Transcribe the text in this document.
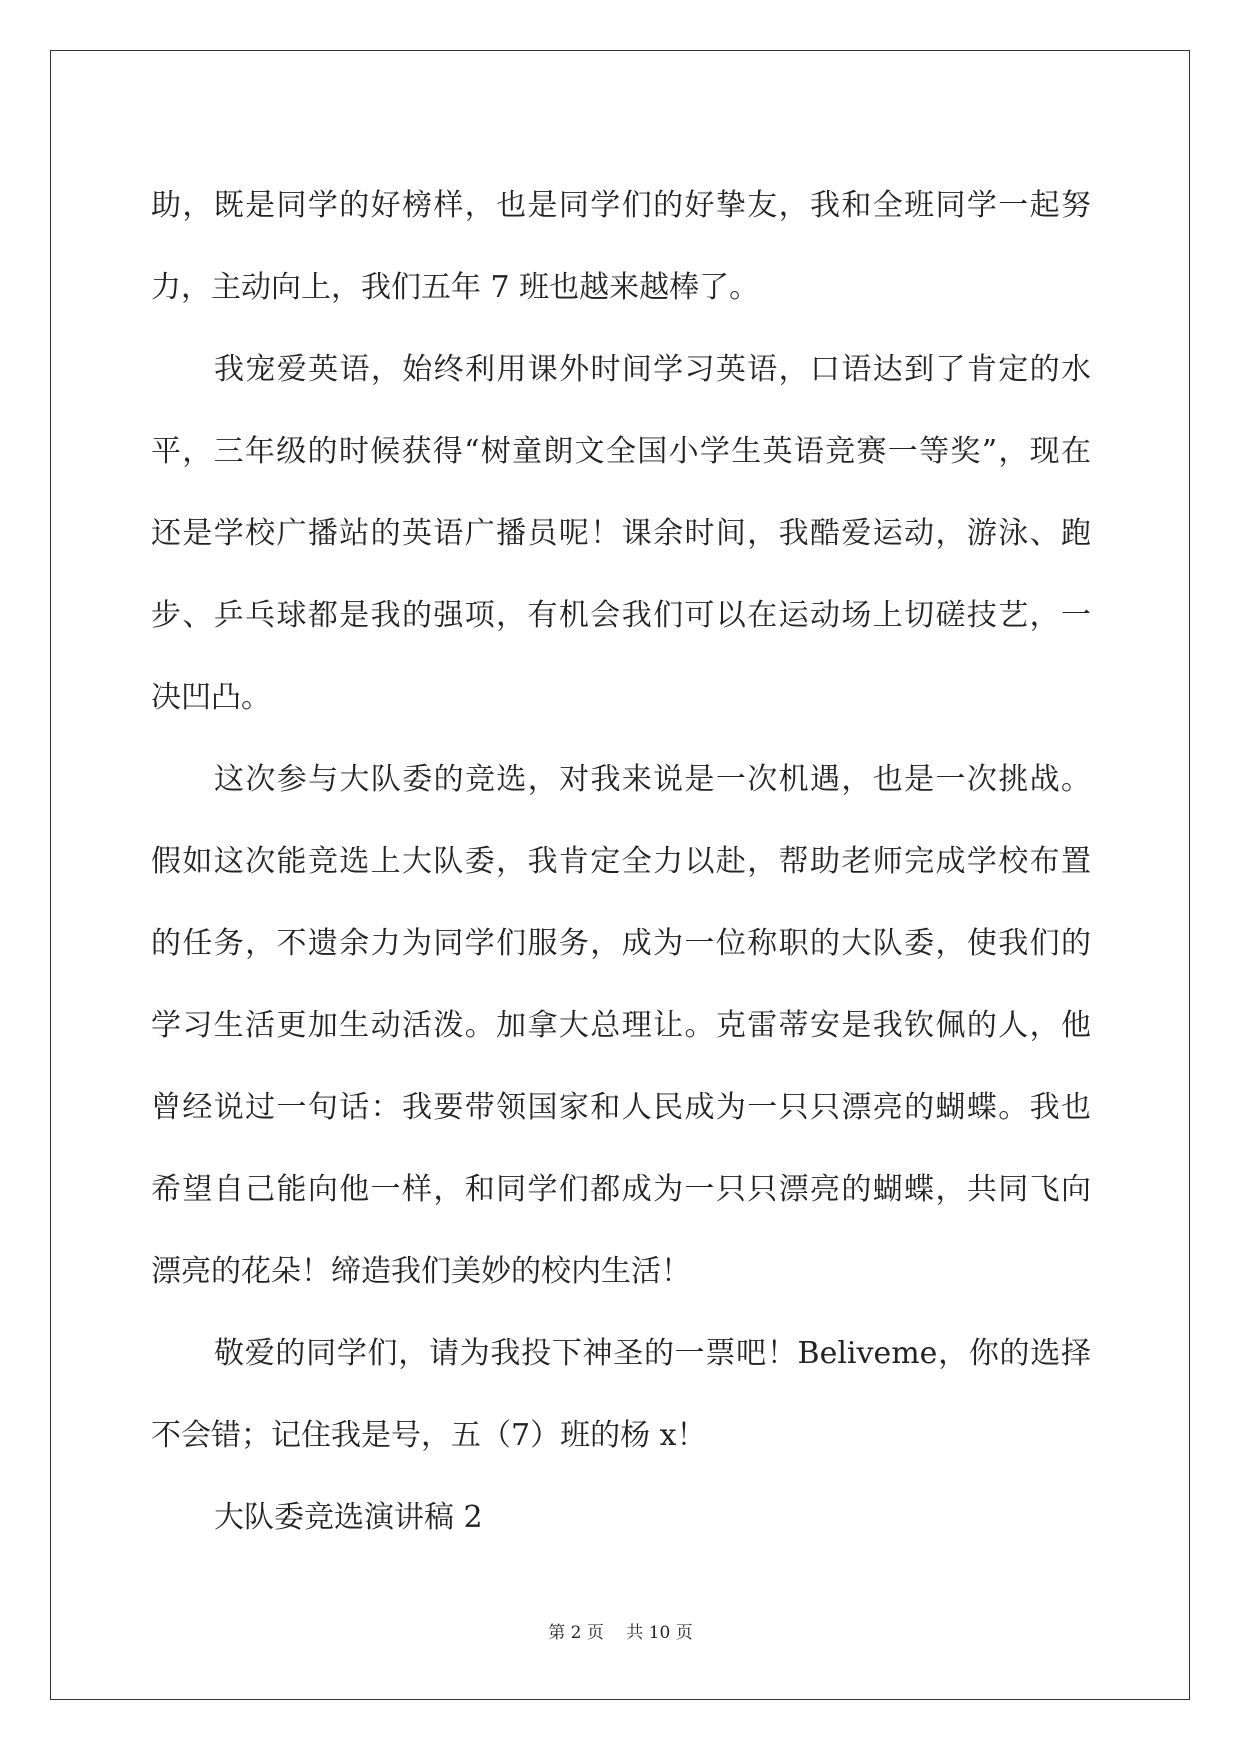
助，既是同学的好榜样，也是同学们的好挚友，我和全班同学一起努
力，主动向上，我们五年 7 班也越来越棒了。
我宠爱英语，始终利用课外时间学习英语，口语达到了肯定的水
平，三年级的时候获得“树童朗文全国小学生英语竞赛一等奖”，现在
还是学校广播站的英语广播员呢！课余时间，我酷爱运动，游泳、跑
步、乒乓球都是我的强项，有机会我们可以在运动场上切磋技艺，一
决凹凸。
这次参与大队委的竞选，对我来说是一次机遇，也是一次挑战。
假如这次能竞选上大队委，我肯定全力以赴，帮助老师完成学校布置
的任务，不遗余力为同学们服务，成为一位称职的大队委，使我们的
学习生活更加生动活泼。加拿大总理让。克雷蒂安是我钦佩的人，他
曾经说过一句话：我要带领国家和人民成为一只只漂亮的蝴蝶。我也
希望自己能向他一样，和同学们都成为一只只漂亮的蝴蝶，共同飞向
漂亮的花朵！缔造我们美妙的校内生活！
敬爱的同学们，请为我投下神圣的一票吧！Beliveme，你的选择
不会错；记住我是号，五（7）班的杨 x！
大队委竞选演讲稿 2
第 2 页　 共 10 页
